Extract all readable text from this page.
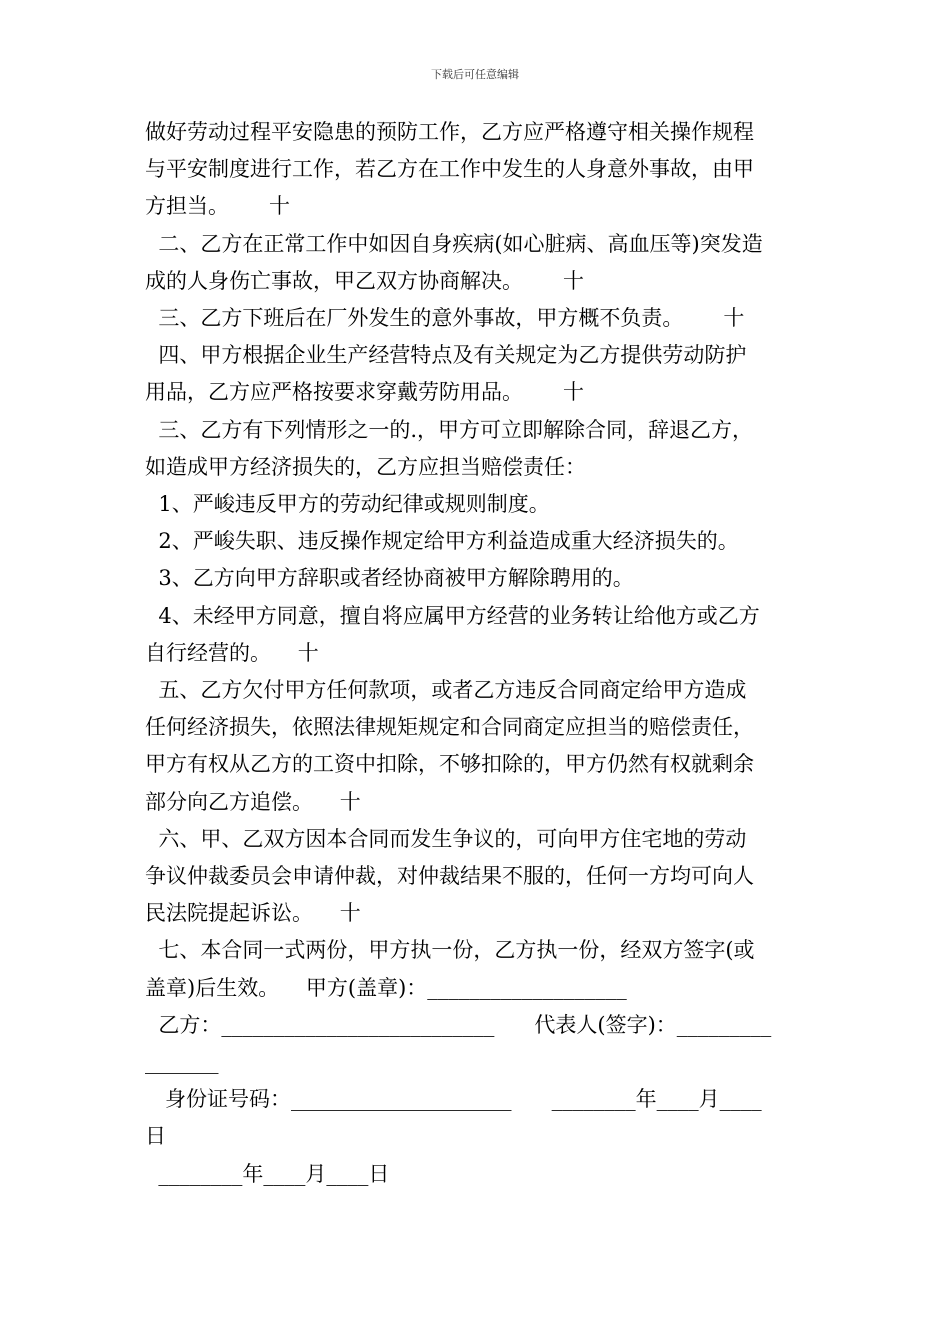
下载后可任意编辑

做好劳动过程平安隐患的预防工作，乙方应严格遵守相关操作规程

与平安制度进行工作，若乙方在工作中发生的人身意外事故，由甲

方担当。      十

二、乙方在正常工作中如因自身疾病(如心脏病、高血压等)突发造

成的人身伤亡事故，甲乙双方协商解决。      十

三、乙方下班后在厂外发生的意外事故，甲方概不负责。      十

四、甲方根据企业生产经营特点及有关规定为乙方提供劳动防护

用品，乙方应严格按要求穿戴劳防用品。      十

三、乙方有下列情形之一的.，甲方可立即解除合同，辞退乙方，

如造成甲方经济损失的，乙方应担当赔偿责任：

1、严峻违反甲方的劳动纪律或规则制度。

2、严峻失职、违反操作规定给甲方利益造成重大经济损失的。

3、乙方向甲方辞职或者经协商被甲方解除聘用的。

4、未经甲方同意，擅自将应属甲方经营的业务转让给他方或乙方

自行经营的。    十

五、乙方欠付甲方任何款项，或者乙方违反合同商定给甲方造成

任何经济损失，依照法律规矩规定和合同商定应担当的赔偿责任，

甲方有权从乙方的工资中扣除，不够扣除的，甲方仍然有权就剩余

部分向乙方追偿。    十

六、甲、乙双方因本合同而发生争议的，可向甲方住宅地的劳动

争议仲裁委员会申请仲裁，对仲裁结果不服的，任何一方均可向人

民法院提起诉讼。    十

七、本合同一式两份，甲方执一份，乙方执一份，经双方签字(或

盖章)后生效。    甲方(盖章)：___________________

乙方：__________________________      代表人(签字)：_________

_______

身份证号码：_____________________      ________年____月____

日

________年____月____日
